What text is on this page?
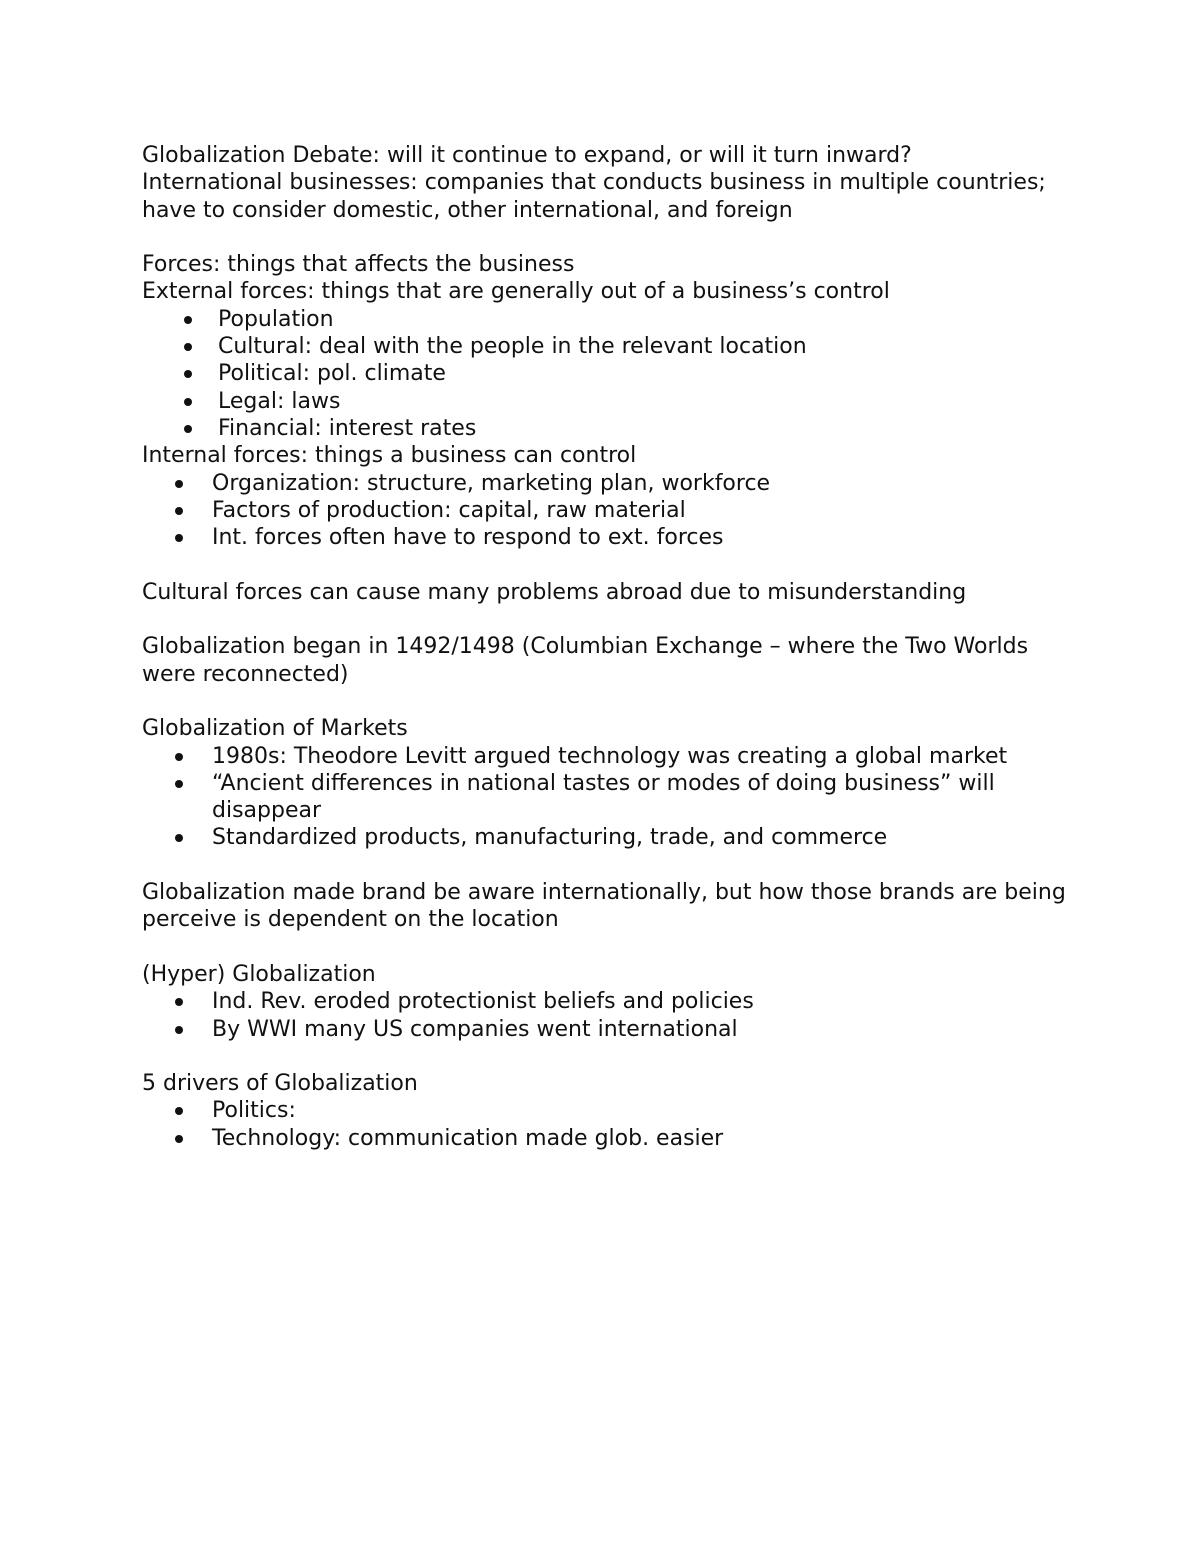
Globalization Debate: will it continue to expand, or will it turn inward?

International businesses: companies that conducts business in multiple countries; have to consider domestic, other international, and foreign

Forces: things that affects the business

External forces: things that are generally out of a business’s control

Population
Cultural: deal with the people in the relevant location
Political: pol. climate
Legal: laws
Financial: interest rates

Internal forces: things a business can control

Organization: structure, marketing plan, workforce
Factors of production: capital, raw material
Int. forces often have to respond to ext. forces

Cultural forces can cause many problems abroad due to misunderstanding

Globalization began in 1492/1498 (Columbian Exchange – where the Two Worlds were reconnected)

Globalization of Markets

1980s: Theodore Levitt argued technology was creating a global market
“Ancient differences in national tastes or modes of doing business” will disappear
Standardized products, manufacturing, trade, and commerce

Globalization made brand be aware internationally, but how those brands are being perceive is dependent on the location

(Hyper) Globalization

Ind. Rev. eroded protectionist beliefs and policies
By WWI many US companies went international

5 drivers of Globalization

Politics:
Technology: communication made glob. easier
